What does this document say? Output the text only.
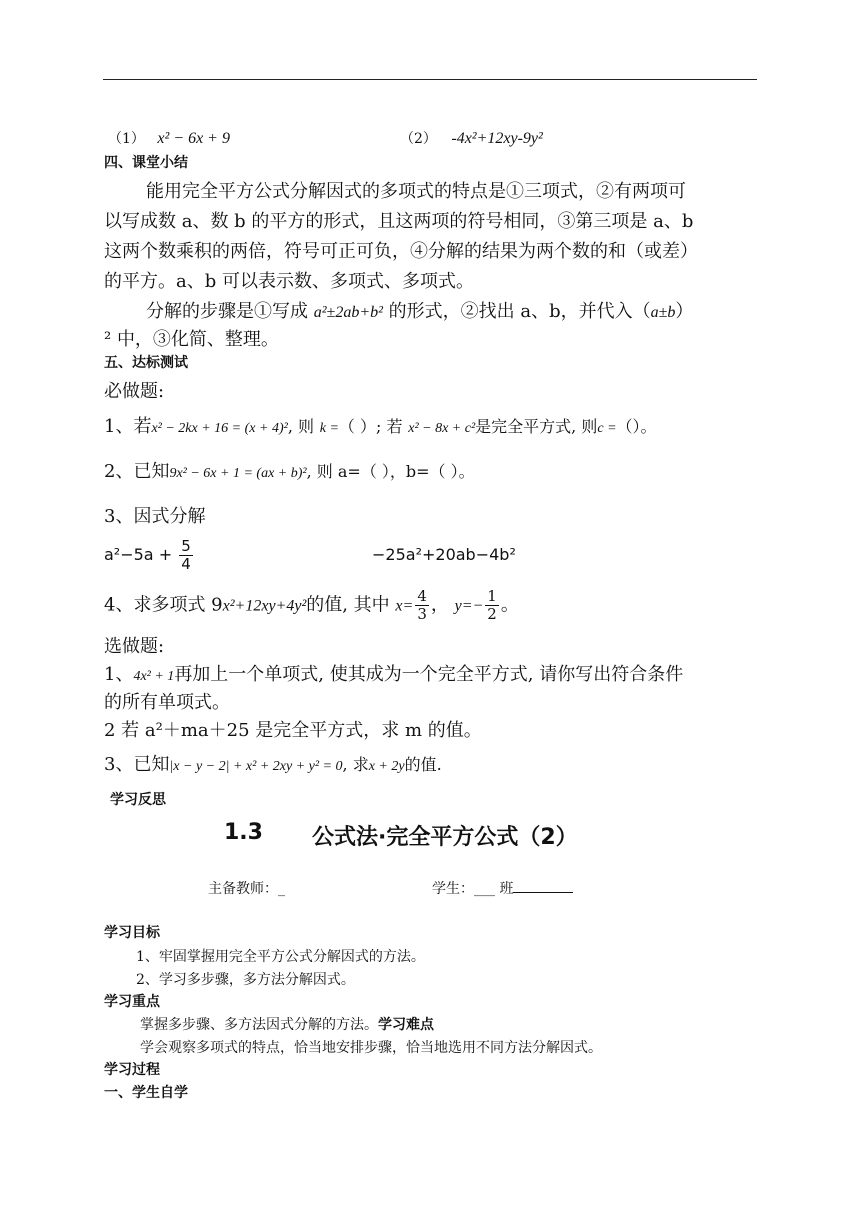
（1） x² − 6x + 9	（2） -4x²+12xy-9y²
四、课堂小结
能用完全平方公式分解因式的多项式的特点是①三项式，②有两项可
以写成数 a、数 b 的平方的形式，且这两项的符号相同，③第三项是 a、b
这两个数乘积的两倍，符号可正可负，④分解的结果为两个数的和（或差）
的平方。a、b 可以表示数、多项式、多项式。
分解的步骤是①写成 a²±2ab+b² 的形式，②找出 a、b，并代入（a±b）
² 中，③化简、整理。
五、达标测试
必做题:
1、若x² − 2kx + 16 = (x + 4)², 则 k =（ ）; 若 x² − 8x + c²是完全平方式, 则c =（）。
2、已知9x² − 6x + 1 = (ax + b)², 则 a=（ ），b=（ ）。
3、因式分解
$a^2-5a + \frac{5}{4}$	−25a²+20ab−4b²
4、求多项式 9x²+12xy+4y²的值, 其中 $x= \frac{4}{3}$ ， $y=- \frac{1}{2}$ 。
选做题:
1、4x² + 1再加上一个单项式, 使其成为一个完全平方式, 请你写出符合条件
的所有单项式。
2 若 a²＋ma＋25 是完全平方式，求 m 的值。
3、已知|x − y − 2| + x² + 2xy + y² = 0, 求x + 2y的值.
学习反思
1.3 公式法·完全平方公式（2）
主备教师：_	学生：___ 班
学习目标
1、牢固掌握用完全平方公式分解因式的方法。
2、学习多步骤，多方法分解因式。
学习重点
掌握多步骤、多方法因式分解的方法。学习难点
学会观察多项式的特点，恰当地安排步骤，恰当地选用不同方法分解因式。
学习过程
一、学生自学
